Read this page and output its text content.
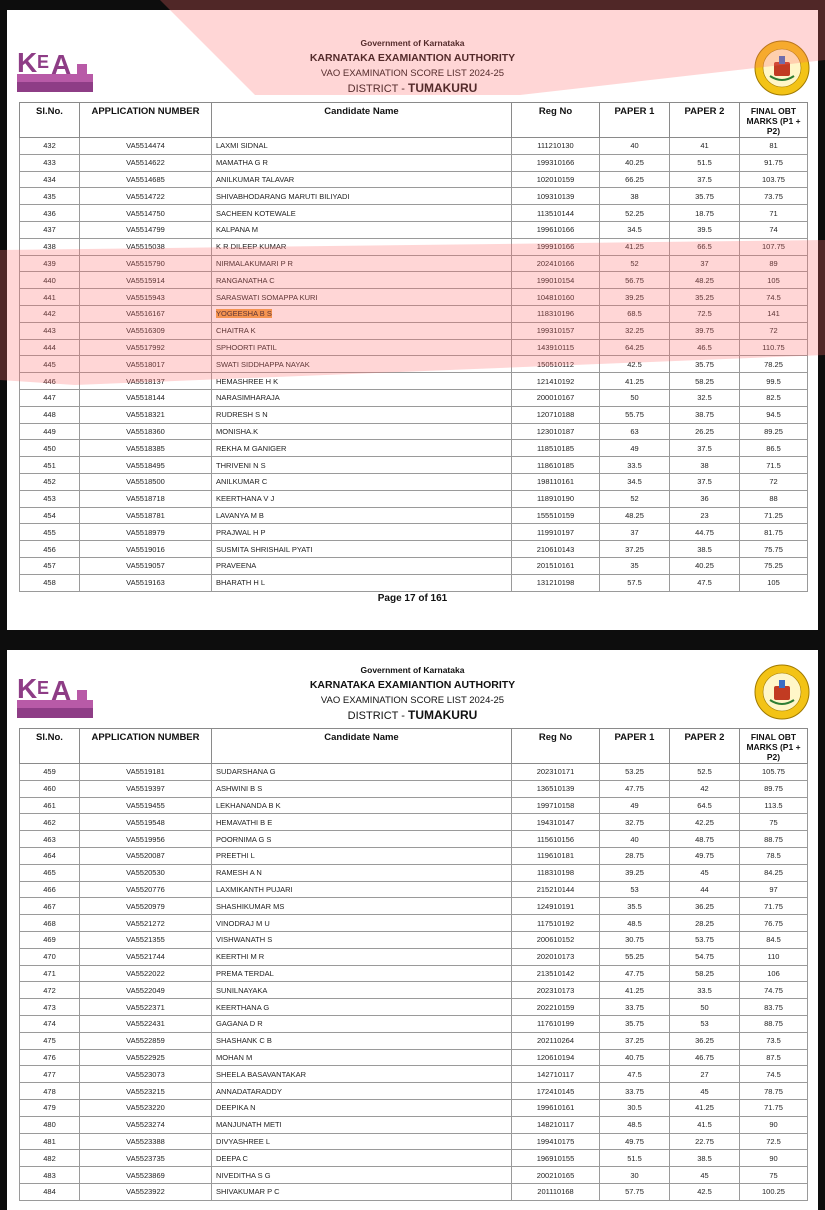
K E A
Government of Karnataka
KARNATAKA EXAMIANTION AUTHORITY
VAO EXAMINATION SCORE LIST 2024-25
DISTRICT - TUMAKURU
Sl.No.	APPLICATION NUMBER	Candidate Name	Reg No	PAPER 1	PAPER 2	FINAL OBT MARKS (P1 + P2)
432	VA5514474	LAXMI SIDNAL	111210130	40	41	81
433	VA5514622	MAMATHA G R	199310166	40.25	51.5	91.75
434	VA5514685	ANILKUMAR TALAVAR	102010159	66.25	37.5	103.75
435	VA5514722	SHIVABHODARANG MARUTI BILIYADI	109310139	38	35.75	73.75
436	VA5514750	SACHEEN KOTEWALE	113510144	52.25	18.75	71
437	VA5514799	KALPANA M	199610166	34.5	39.5	74
438	VA5515038	K R DILEEP KUMAR	199910166	41.25	66.5	107.75
439	VA5515790	NIRMALAKUMARI P R	202410166	52	37	89
440	VA5515914	RANGANATHA C	199010154	56.75	48.25	105
441	VA5515943	SARASWATI SOMAPPA KURI	104810160	39.25	35.25	74.5
442	VA5516167	YOGEESHA B S	118310196	68.5	72.5	141
443	VA5516309	CHAITRA K	199310157	32.25	39.75	72
444	VA5517992	SPHOORTI PATIL	143910115	64.25	46.5	110.75
445	VA5518017	SWATI SIDDHAPPA NAYAK	150510112	42.5	35.75	78.25
446	VA5518137	HEMASHREE H K	121410192	41.25	58.25	99.5
447	VA5518144	NARASIMHARAJA	200010167	50	32.5	82.5
448	VA5518321	RUDRESH S N	120710188	55.75	38.75	94.5
449	VA5518360	MONISHA.K	123010187	63	26.25	89.25
450	VA5518385	REKHA M GANIGER	118510185	49	37.5	86.5
451	VA5518495	THRIVENI N S	118610185	33.5	38	71.5
452	VA5518500	ANILKUMAR C	198110161	34.5	37.5	72
453	VA5518718	KEERTHANA V J	118910190	52	36	88
454	VA5518781	LAVANYA M B	155510159	48.25	23	71.25
455	VA5518979	PRAJWAL H P	119910197	37	44.75	81.75
456	VA5519016	SUSMITA SHRISHAIL PYATI	210610143	37.25	38.5	75.75
457	VA5519057	PRAVEENA	201510161	35	40.25	75.25
458	VA5519163	BHARATH H L	131210198	57.5	47.5	105
Page 17 of 161
K E A
Government of Karnataka
KARNATAKA EXAMIANTION AUTHORITY
VAO EXAMINATION SCORE LIST 2024-25
DISTRICT - TUMAKURU
Sl.No.	APPLICATION NUMBER	Candidate Name	Reg No	PAPER 1	PAPER 2	FINAL OBT MARKS (P1 + P2)
459	VA5519181	SUDARSHANA G	202310171	53.25	52.5	105.75
460	VA5519397	ASHWINI B S	136510139	47.75	42	89.75
461	VA5519455	LEKHANANDA B K	199710158	49	64.5	113.5
462	VA5519548	HEMAVATHI B E	194310147	32.75	42.25	75
463	VA5519956	POORNIMA G S	115610156	40	48.75	88.75
464	VA5520087	PREETHI L	119610181	28.75	49.75	78.5
465	VA5520530	RAMESH A N	118310198	39.25	45	84.25
466	VA5520776	LAXMIKANTH PUJARI	215210144	53	44	97
467	VA5520979	SHASHIKUMAR MS	124910191	35.5	36.25	71.75
468	VA5521272	VINODRAJ M U	117510192	48.5	28.25	76.75
469	VA5521355	VISHWANATH S	200610152	30.75	53.75	84.5
470	VA5521744	KEERTHI M R	202010173	55.25	54.75	110
471	VA5522022	PREMA TERDAL	213510142	47.75	58.25	106
472	VA5522049	SUNILNAYAKA	202310173	41.25	33.5	74.75
473	VA5522371	KEERTHANA G	202210159	33.75	50	83.75
474	VA5522431	GAGANA D R	117610199	35.75	53	88.75
475	VA5522859	SHASHANK C B	202110264	37.25	36.25	73.5
476	VA5522925	MOHAN M	120610194	40.75	46.75	87.5
477	VA5523073	SHEELA BASAVANTAKAR	142710117	47.5	27	74.5
478	VA5523215	ANNADATARADDY	172410145	33.75	45	78.75
479	VA5523220	DEEPIKA N	199610161	30.5	41.25	71.75
480	VA5523274	MANJUNATH METI	148210117	48.5	41.5	90
481	VA5523388	DIVYASHREE L	199410175	49.75	22.75	72.5
482	VA5523735	DEEPA C	196910155	51.5	38.5	90
483	VA5523869	NIVEDITHA S G	200210165	30	45	75
484	VA5523922	SHIVAKUMAR P C	201110168	57.75	42.5	100.25
